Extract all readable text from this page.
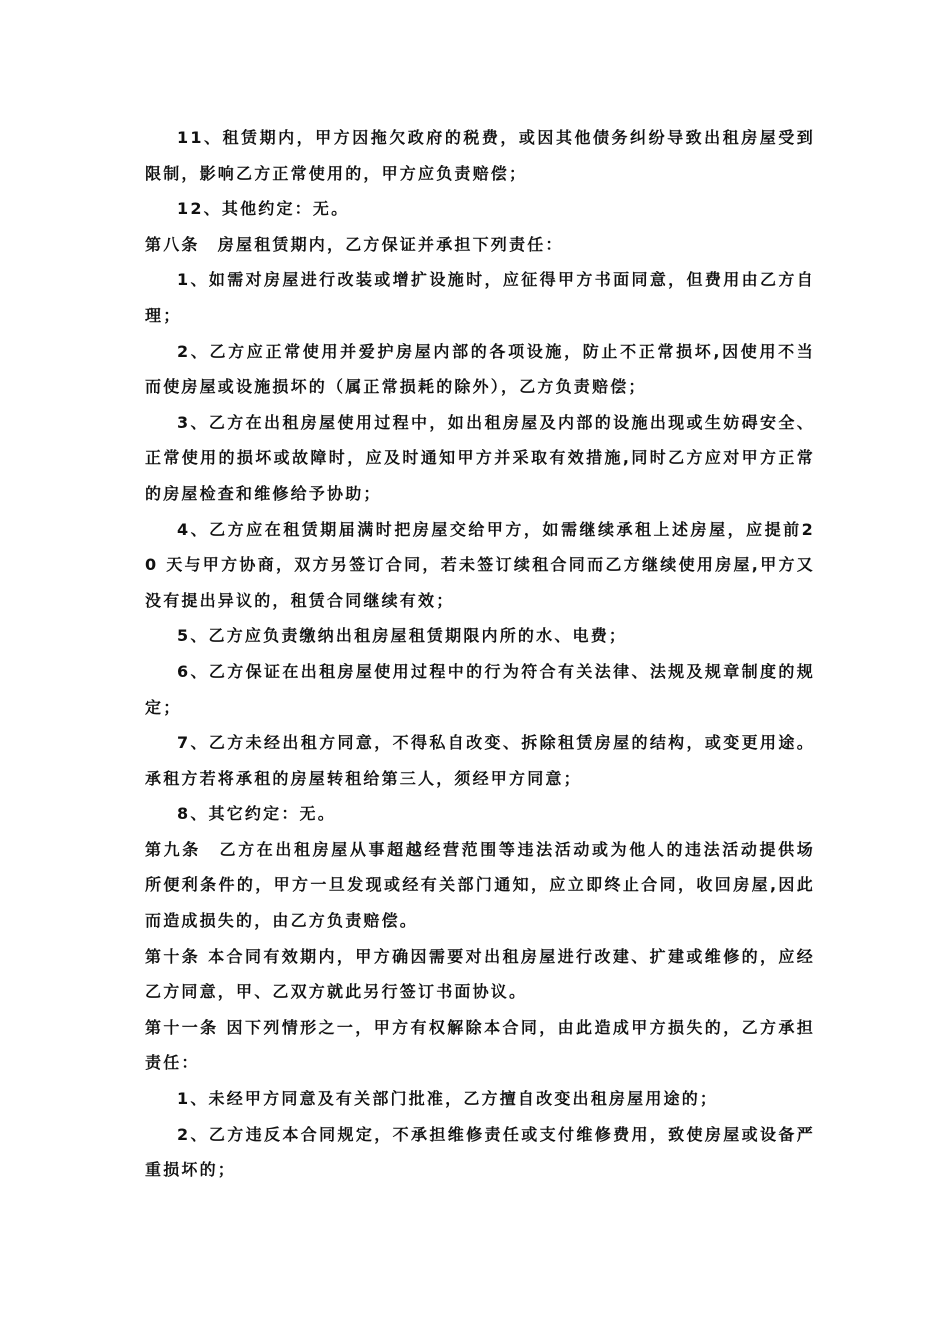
11、租赁期内，甲方因拖欠政府的税费，或因其他债务纠纷导致出租房屋受到限制，影响乙方正常使用的，甲方应负责赔偿；

12、其他约定：无。

第八条　房屋租赁期内，乙方保证并承担下列责任：

1、如需对房屋进行改装或增扩设施时，应征得甲方书面同意，但费用由乙方自理；

2、乙方应正常使用并爱护房屋内部的各项设施，防止不正常损坏,因使用不当而使房屋或设施损坏的（属正常损耗的除外），乙方负责赔偿；

3、乙方在出租房屋使用过程中，如出租房屋及内部的设施出现或生妨碍安全、正常使用的损坏或故障时，应及时通知甲方并采取有效措施,同时乙方应对甲方正常的房屋检查和维修给予协助；

4、乙方应在租赁期届满时把房屋交给甲方，如需继续承租上述房屋，应提前20 天与甲方协商，双方另签订合同，若未签订续租合同而乙方继续使用房屋,甲方又没有提出异议的，租赁合同继续有效；

5、乙方应负责缴纳出租房屋租赁期限内所的水、电费；

6、乙方保证在出租房屋使用过程中的行为符合有关法律、法规及规章制度的规定；

7、乙方未经出租方同意，不得私自改变、拆除租赁房屋的结构，或变更用途。承租方若将承租的房屋转租给第三人，须经甲方同意；

8、其它约定：无。

第九条　乙方在出租房屋从事超越经营范围等违法活动或为他人的违法活动提供场所便利条件的，甲方一旦发现或经有关部门通知，应立即终止合同，收回房屋,因此而造成损失的，由乙方负责赔偿。

第十条 本合同有效期内，甲方确因需要对出租房屋进行改建、扩建或维修的，应经乙方同意，甲、乙双方就此另行签订书面协议。

第十一条 因下列情形之一，甲方有权解除本合同，由此造成甲方损失的，乙方承担责任：

1、未经甲方同意及有关部门批准，乙方擅自改变出租房屋用途的；

2、乙方违反本合同规定，不承担维修责任或支付维修费用，致使房屋或设备严重损坏的；
